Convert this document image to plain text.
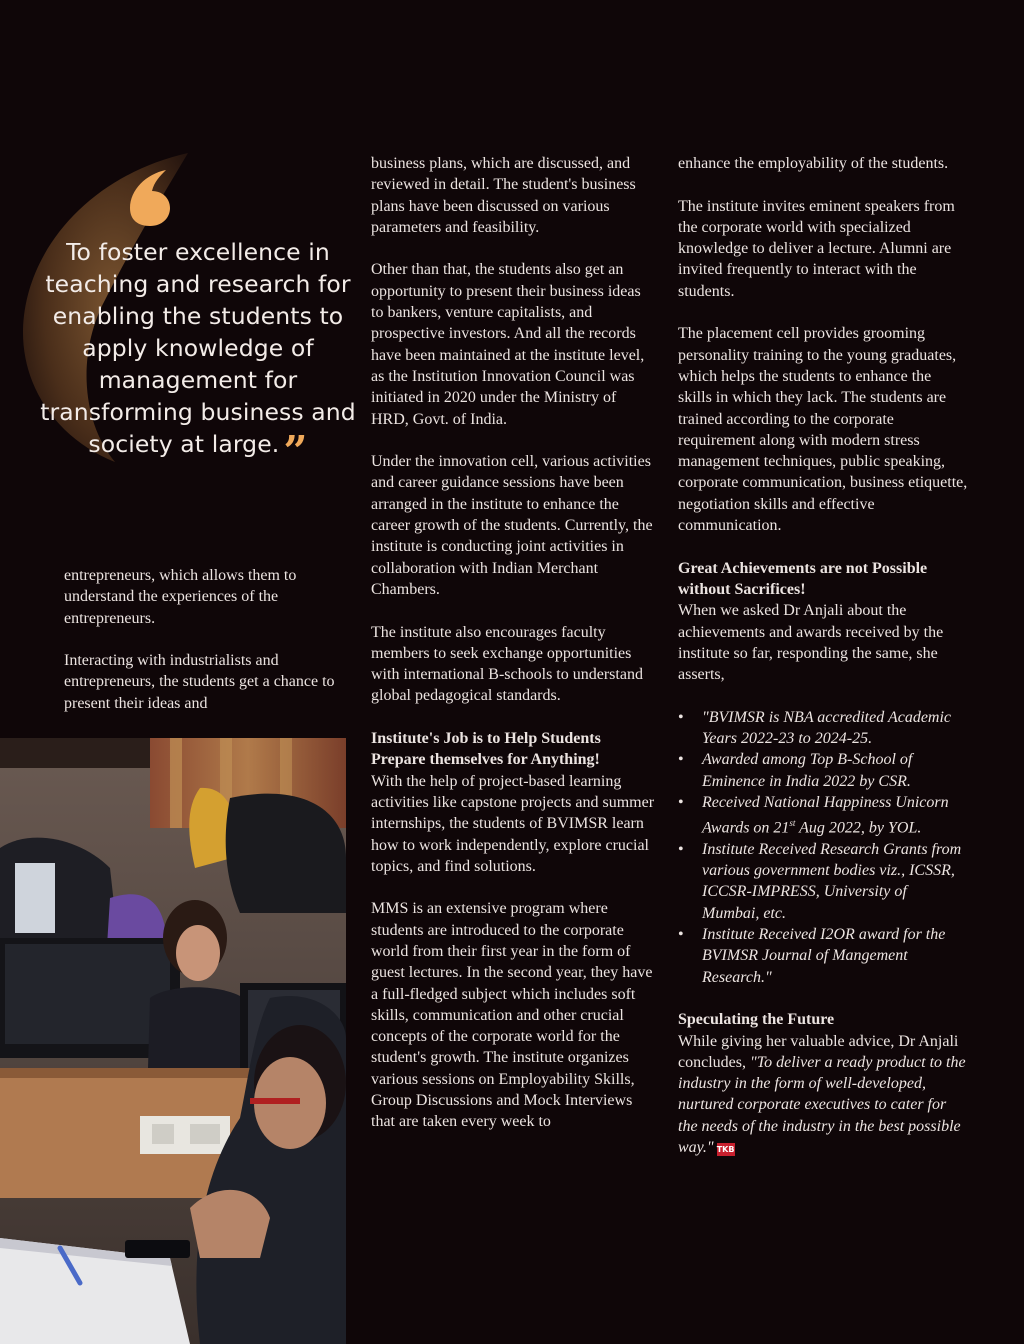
To foster excellence in teaching and research for enabling the students to apply knowledge of management for transforming business and society at large.”

entrepreneurs, which allows them to understand the experiences of the entrepreneurs.

Interacting with industrialists and entrepreneurs, the students get a chance to present their ideas and

business plans, which are discussed, and reviewed in detail. The student's business plans have been discussed on various parameters and feasibility.

Other than that, the students also get an opportunity to present their business ideas to bankers, venture capitalists, and prospective investors. And all the records have been maintained at the institute level, as the Institution Innovation Council was initiated in 2020 under the Ministry of HRD, Govt. of India.

Under the innovation cell, various activities and career guidance sessions have been arranged in the institute to enhance the career growth of the students. Currently, the institute is conducting joint activities in collaboration with Indian Merchant Chambers.

The institute also encourages faculty members to seek exchange opportunities with international B-schools to understand global pedagogical standards.

Institute's Job is to Help Students Prepare themselves for Anything!
With the help of project-based learning activities like capstone projects and summer internships, the students of BVIMSR learn how to work independently, explore crucial topics, and find solutions.

MMS is an extensive program where students are introduced to the corporate world from their first year in the form of guest lectures. In the second year, they have a full-fledged subject which includes soft skills, communication and other crucial concepts of the corporate world for the student's growth. The institute organizes various sessions on Employability Skills, Group Discussions and Mock Interviews that are taken every week to

enhance the employability of the students.

The institute invites eminent speakers from the corporate world with specialized knowledge to deliver a lecture. Alumni are invited frequently to interact with the students.

The placement cell provides grooming personality training to the young graduates, which helps the students to enhance the skills in which they lack. The students are trained according to the corporate requirement along with modern stress management techniques, public speaking, corporate communication, business etiquette, negotiation skills and effective communication.

Great Achievements are not Possible without Sacrifices!
When we asked Dr Anjali about the achievements and awards received by the institute so far, responding the same, she asserts,

• "BVIMSR is NBA accredited Academic Years 2022-23 to 2024-25.
• Awarded among Top B-School of Eminence in India 2022 by CSR.
• Received National Happiness Unicorn Awards on 21st Aug 2022, by YOL.
• Institute Received Research Grants from various government bodies viz., ICSSR, ICCSR-IMPRESS, University of Mumbai, etc.
• Institute Received I2OR award for the BVIMSR Journal of Mangement Research."

Speculating the Future
While giving her valuable advice, Dr Anjali concludes, "To deliver a ready product to the industry in the form of well-developed, nurtured corporate executives to cater for the needs of the industry in the best possible way." TKB
